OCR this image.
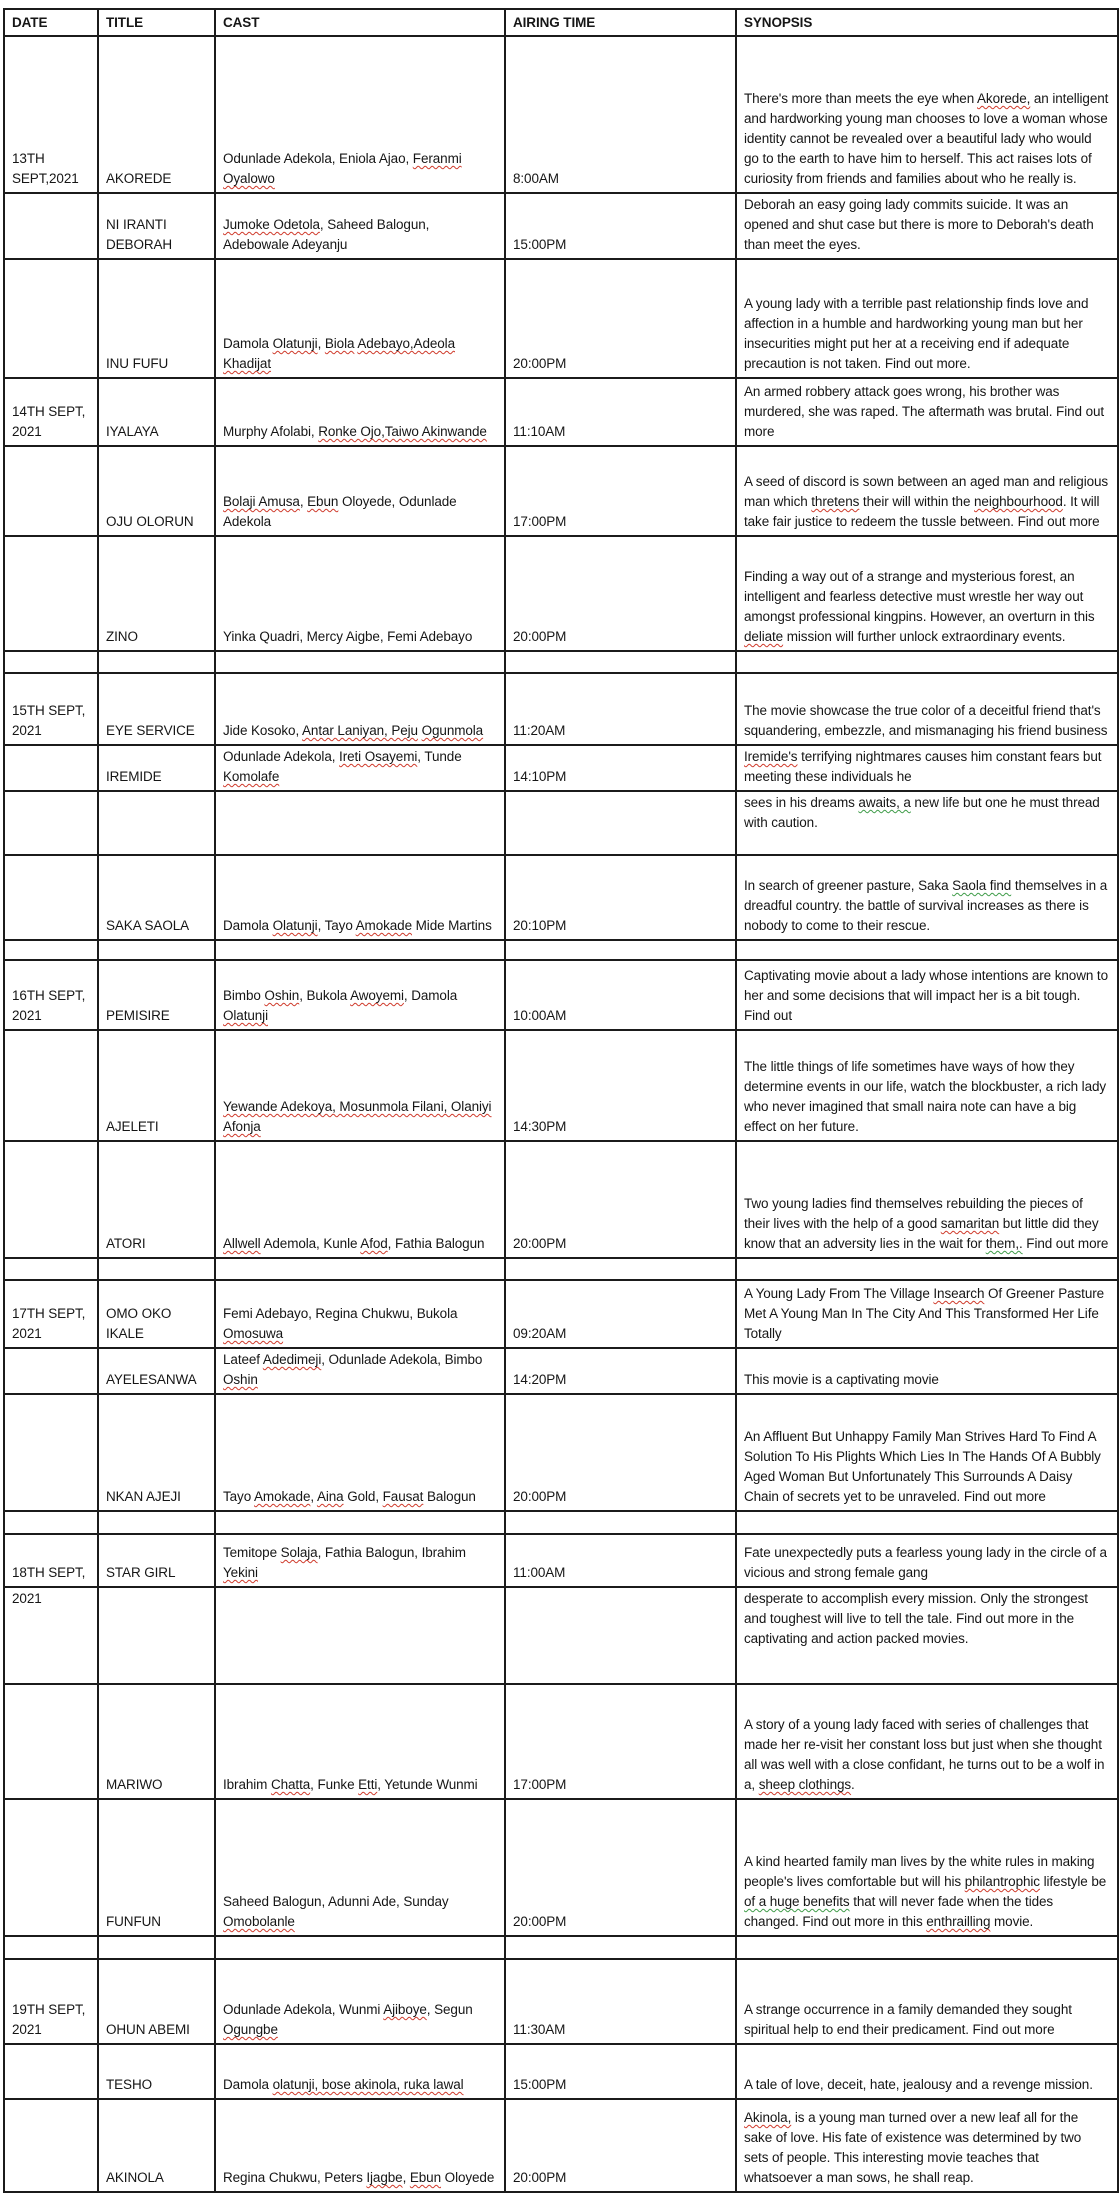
DATE	TITLE	CAST	AIRING TIME	SYNOPSIS
13TH SEPT,2021	AKOREDE	Odunlade Adekola, Eniola Ajao, Feranmi Oyalowo	8:00AM	There's more than meets the eye when Akorede, an intelligent and hardworking young man chooses to love a woman whose identity cannot be revealed over a beautiful lady who would go to the earth to have him to herself. This act raises lots of curiosity from friends and families about who he really is.
	NI IRANTI DEBORAH	Jumoke Odetola, Saheed Balogun, Adebowale Adeyanju	15:00PM	Deborah an easy going lady commits suicide. It was an opened and shut case but there is more to Deborah's death than meet the eyes.
	INU FUFU	Damola Olatunji, Biola Adebayo,Adeola Khadijat	20:00PM	A young lady with a terrible past relationship finds love and affection in a humble and hardworking young man but her insecurities might put her at a receiving end if adequate precaution is not taken. Find out more.
14TH SEPT, 2021	IYALAYA	Murphy Afolabi, Ronke Ojo,Taiwo Akinwande	11:10AM	An armed robbery attack goes wrong, his brother was murdered, she was raped. The aftermath was brutal. Find out more
	OJU OLORUN	Bolaji Amusa, Ebun Oloyede, Odunlade Adekola	17:00PM	A seed of discord is sown between an aged man and religious man which thretens their will within the neighbourhood. It will take fair justice to redeem the tussle between. Find out more
	ZINO	Yinka Quadri, Mercy Aigbe, Femi Adebayo	20:00PM	Finding a way out of a strange and mysterious forest, an intelligent and fearless detective must wrestle her way out amongst professional kingpins. However, an overturn in this deliate mission will further unlock extraordinary events.

15TH SEPT, 2021	EYE SERVICE	Jide Kosoko, Antar Laniyan, Peju Ogunmola	11:20AM	The movie showcase the true color of a deceitful friend that's squandering, embezzle, and mismanaging his friend business
	IREMIDE	Odunlade Adekola, Ireti Osayemi, Tunde Komolafe	14:10PM	Iremide's terrifying nightmares causes him constant fears but meeting these individuals he
				sees in his dreams awaits, a new life but one he must thread with caution.
	SAKA SAOLA	Damola Olatunji, Tayo Amokade Mide Martins	20:10PM	In search of greener pasture, Saka Saola find themselves in a dreadful country. the battle of survival increases as there is nobody to come to their rescue.

16TH SEPT, 2021	PEMISIRE	Bimbo Oshin, Bukola Awoyemi, Damola Olatunji	10:00AM	Captivating movie about a lady whose intentions are known to her and some decisions that will impact her is a bit tough. Find out
	AJELETI	Yewande Adekoya, Mosunmola Filani, Olaniyi Afonja	14:30PM	The little things of life sometimes have ways of how they determine events in our life, watch the blockbuster, a rich lady who never imagined that small naira note can have a big effect on her future.
	ATORI	Allwell Ademola, Kunle Afod, Fathia Balogun	20:00PM	Two young ladies find themselves rebuilding the pieces of their lives with the help of a good samaritan but little did they know that an adversity lies in the wait for them,. Find out more

17TH SEPT, 2021	OMO OKO IKALE	Femi Adebayo, Regina Chukwu, Bukola Omosuwa	09:20AM	A Young Lady From The Village Insearch Of Greener Pasture Met A Young Man In The City And This Transformed Her Life Totally
	AYELESANWA	Lateef Adedimeji, Odunlade Adekola, Bimbo Oshin	14:20PM	This movie is a captivating movie
	NKAN AJEJI	Tayo Amokade, Aina Gold, Fausat Balogun	20:00PM	An Affluent But Unhappy Family Man Strives Hard To Find A Solution To His Plights Which Lies In The Hands Of A Bubbly Aged Woman But Unfortunately This Surrounds A Daisy Chain of secrets yet to be unraveled. Find out more

18TH SEPT,	STAR GIRL	Temitope Solaja, Fathia Balogun, Ibrahim Yekini	11:00AM	Fate unexpectedly puts a fearless young lady in the circle of a vicious and strong female gang
2021				desperate to accomplish every mission. Only the strongest and toughest will live to tell the tale. Find out more in the captivating and action packed movies.
	MARIWO	Ibrahim Chatta, Funke Etti, Yetunde Wunmi	17:00PM	A story of a young lady faced with series of challenges that made her re-visit her constant loss but just when she thought all was well with a close confidant, he turns out to be a wolf in a, sheep clothings.
	FUNFUN	Saheed Balogun, Adunni Ade, Sunday Omobolanle	20:00PM	A kind hearted family man lives by the white rules in making people's lives comfortable but will his philantrophic lifestyle be of a huge benefits that will never fade when the tides changed. Find out more in this enthrailling movie.

19TH SEPT, 2021	OHUN ABEMI	Odunlade Adekola, Wunmi Ajiboye, Segun Ogungbe	11:30AM	A strange occurrence in a family demanded they sought spiritual help to end their predicament. Find out more
	TESHO	Damola olatunji, bose akinola, ruka lawal	15:00PM	A tale of love, deceit, hate, jealousy and a revenge mission.
	AKINOLA	Regina Chukwu, Peters Ijagbe, Ebun Oloyede	20:00PM	Akinola, is a young man turned over a new leaf all for the sake of love. His fate of existence was determined by two sets of people. This interesting movie teaches that whatsoever a man sows, he shall reap.
